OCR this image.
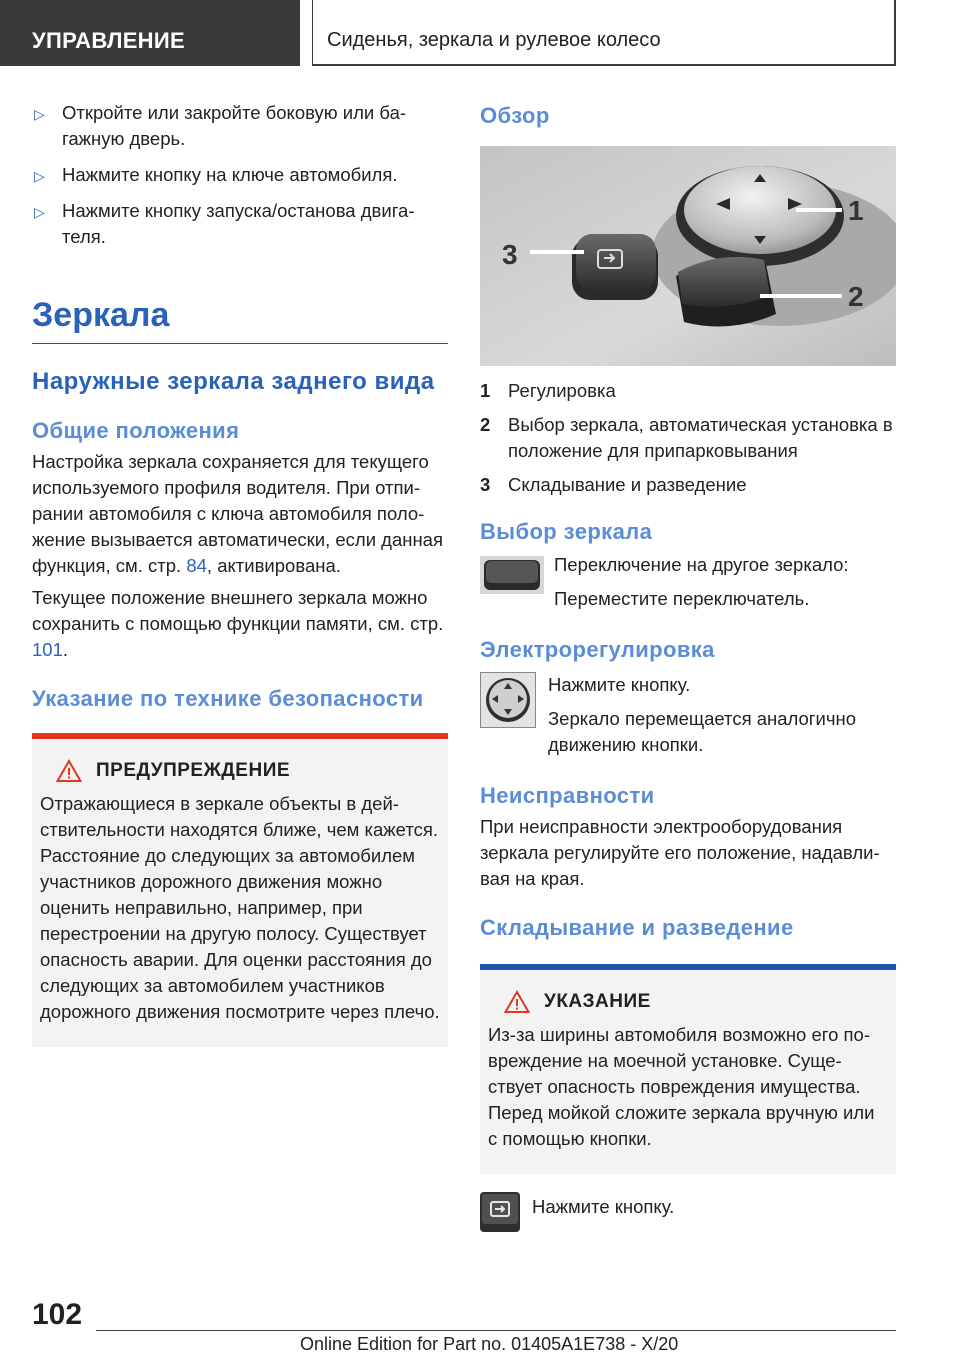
УПРАВЛЕНИЕ	Сиденья, зеркала и рулевое колесо
▷ Откройте или закройте боковую или багажную дверь.
▷ Нажмите кнопку на ключе автомобиля.
▷ Нажмите кнопку запуска/останова двигателя.
Зеркала
Наружные зеркала заднего вида
Общие положения

Настройка зеркала сохраняется для текущего используемого профиля водителя. При отпирании автомобиля с ключа автомобиля положение вызывается автоматически, если данная функция, см. стр. 84, активирована.

Текущее положение внешнего зеркала можно сохранить с помощью функции памяти, см. стр. 101.

Указание по технике безопасности
ПРЕДУПРЕЖДЕНИЕ
Отражающиеся в зеркале объекты в действительности находятся ближе, чем кажется. Расстояние до следующих за автомобилем участников дорожного движения можно оценить неправильно, например, при перестроении на другую полосу. Существует опасность аварии. Для оценки расстояния до следующих за автомобилем участников дорожного движения посмотрите через плечо.
Обзор
3
1
2
1 Регулировка
2 Выбор зеркала, автоматическая установка в положение для припарковывания
3 Складывание и разведение
Выбор зеркала
Переключение на другое зеркало:
Переместите переключатель.
Электрорегулировка
Нажмите кнопку.
Зеркало перемещается аналогично движению кнопки.
Неисправности

При неисправности электрооборудования зеркала регулируйте его положение, надавливая на края.

Складывание и разведение
УКАЗАНИЕ
Из-за ширины автомобиля возможно его повреждение на моечной установке. Существует опасность повреждения имущества. Перед мойкой сложите зеркала вручную или с помощью кнопки.
Нажмите кнопку.
102
Online Edition for Part no. 01405A1E738 - X/20
